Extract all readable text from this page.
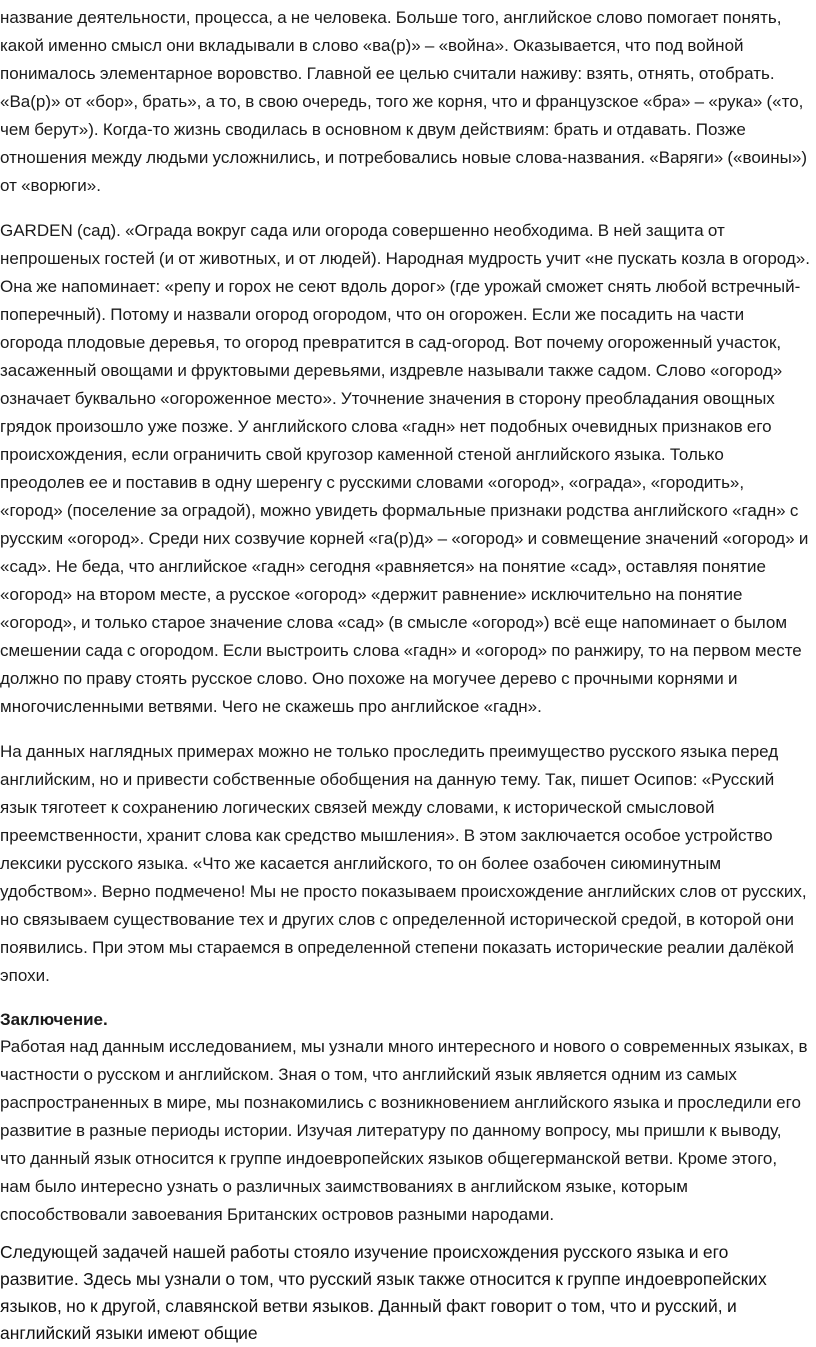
название деятельности, процесса, а не человека. Больше того, английское слово помогает понять, какой именно смысл они вкладывали в слово «ва(р)» – «война». Оказывается, что под войной понималось элементарное воровство. Главной ее целью считали наживу: взять, отнять, отобрать. «Ва(р)» от «бор», брать», а то, в свою очередь, того же корня, что и французское «бра» – «рука» («то, чем берут»). Когда-то жизнь сводилась в основном к двум действиям: брать и отдавать. Позже отношения между людьми усложнились, и потребовались новые слова-названия. «Варяги» («воины») от «ворюги».

GARDEN (сад). «Ограда вокруг сада или огорода совершенно необходима. В ней защита от непрошеных гостей (и от животных, и от людей). Народная мудрость учит «не пускать козла в огород». Она же напоминает: «репу и горох не сеют вдоль дорог» (где урожай сможет снять любой встречный-поперечный). Потому и назвали огород огородом, что он огорожен. Если же посадить на части огорода плодовые деревья, то огород превратится в сад-огород. Вот почему огороженный участок, засаженный овощами и фруктовыми деревьями, издревле называли также садом. Слово «огород» означает буквально «огороженное место». Уточнение значения в сторону преобладания овощных грядок произошло уже позже. У английского слова «гадн» нет подобных очевидных признаков его происхождения, если ограничить свой кругозор каменной стеной английского языка. Только преодолев ее и поставив в одну шеренгу с русскими словами «огород», «ограда», «городить», «город» (поселение за оградой), можно увидеть формальные признаки родства английского «гадн» с русским «огород». Среди них созвучие корней «га(р)д» – «огород» и совмещение значений «огород» и «сад». Не беда, что английское «гадн» сегодня «равняется» на понятие «сад», оставляя понятие «огород» на втором месте, а русское «огород» «держит равнение» исключительно на понятие «огород», и только старое значение слова «сад» (в смысле «огород») всё еще напоминает о былом смешении сада с огородом. Если выстроить слова «гадн» и «огород» по ранжиру, то на первом месте должно по праву стоять русское слово. Оно похоже на могучее дерево с прочными корнями и многочисленными ветвями. Чего не скажешь про английское «гадн».

На данных наглядных примерах можно не только проследить преимущество русского языка перед английским, но и привести собственные обобщения на данную тему. Так, пишет Осипов: «Русский язык тяготеет к сохранению логических связей между словами, к исторической смысловой преемственности, хранит слова как средство мышления». В этом заключается особое устройство лексики русского языка. «Что же касается английского, то он более озабочен сиюминутным удобством». Верно подмечено! Мы не просто показываем происхождение английских слов от русских, но связываем существование тех и других слов с определенной исторической средой, в которой они появились. При этом мы стараемся в определенной степени показать исторические реалии далёкой эпохи.

Заключение.

Работая над данным исследованием, мы узнали много интересного и нового о современных языках, в частности о русском и английском. Зная о том, что английский язык является одним из самых распространенных в мире, мы познакомились с возникновением английского языка и проследили его развитие в разные периоды истории. Изучая литературу по данному вопросу, мы пришли к выводу, что данный язык относится к группе индоевропейских языков общегерманской ветви. Кроме этого, нам было интересно узнать о различных заимствованиях в английском языке, которым способствовали завоевания Британских островов разными народами.

Следующей задачей нашей работы стояло изучение происхождения русского языка и его развитие. Здесь мы узнали о том, что русский язык также относится к группе индоевропейских языков, но к другой, славянской ветви языков. Данный факт говорит о том, что и русский, и английский языки имеют общие
